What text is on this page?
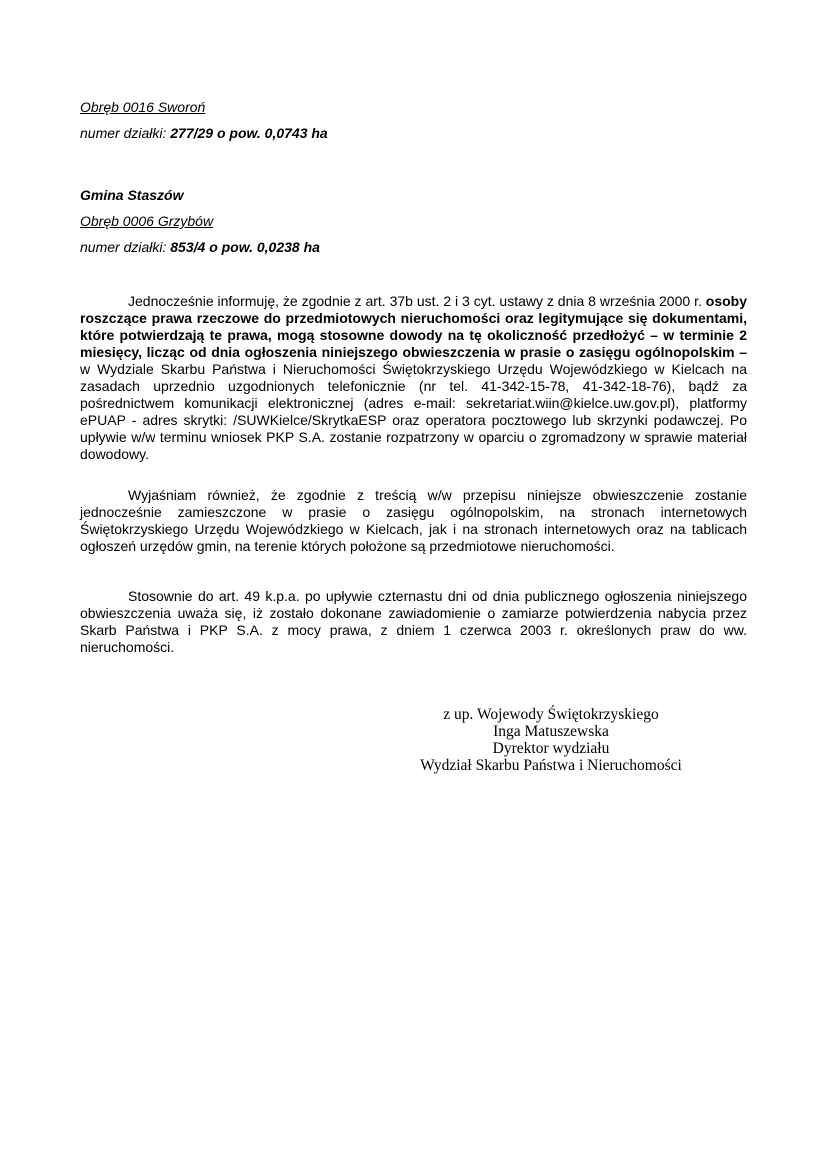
Obręb 0016 Sworoń
numer działki: 277/29 o pow. 0,0743 ha
Gmina Staszów
Obręb 0006 Grzybów
numer działki: 853/4 o pow. 0,0238 ha

Jednocześnie informuję, że zgodnie z art. 37b ust. 2 i 3 cyt. ustawy z dnia 8 września 2000 r. osoby roszczące prawa rzeczowe do przedmiotowych nieruchomości oraz legitymujące się dokumentami, które potwierdzają te prawa, mogą stosowne dowody na tę okoliczność przedłożyć – w terminie 2 miesięcy, licząc od dnia ogłoszenia niniejszego obwieszczenia w prasie o zasięgu ogólnopolskim – w Wydziale Skarbu Państwa i Nieruchomości Świętokrzyskiego Urzędu Wojewódzkiego w Kielcach na zasadach uprzednio uzgodnionych telefonicznie (nr tel. 41-342-15-78, 41-342-18-76), bądź za pośrednictwem komunikacji elektronicznej (adres e-mail: sekretariat.wiin@kielce.uw.gov.pl), platformy ePUAP - adres skrytki: /SUWKielce/SkrytkaESP oraz operatora pocztowego lub skrzynki podawczej. Po upływie w/w terminu wniosek PKP S.A. zostanie rozpatrzony w oparciu o zgromadzony w sprawie materiał dowodowy.

Wyjaśniam również, że zgodnie z treścią w/w przepisu niniejsze obwieszczenie zostanie jednocześnie zamieszczone w prasie o zasięgu ogólnopolskim, na stronach internetowych Świętokrzyskiego Urzędu Wojewódzkiego w Kielcach, jak i na stronach internetowych oraz na tablicach ogłoszeń urzędów gmin, na terenie których położone są przedmiotowe nieruchomości.

Stosownie do art. 49 k.p.a. po upływie czternastu dni od dnia publicznego ogłoszenia niniejszego obwieszczenia uważa się, iż zostało dokonane zawiadomienie o zamiarze potwierdzenia nabycia przez Skarb Państwa i PKP S.A. z mocy prawa, z dniem 1 czerwca 2003 r. określonych praw do ww. nieruchomości.

z up. Wojewody Świętokrzyskiego
Inga Matuszewska
Dyrektor wydziału
Wydział Skarbu Państwa i Nieruchomości
